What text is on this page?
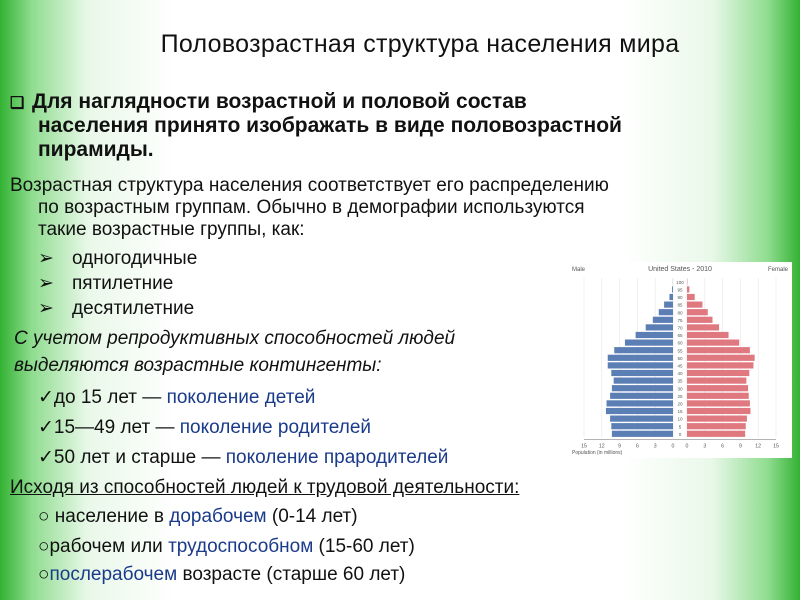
Половозрастная структура населения мира
❑ Для наглядности возрастной и половой состав
населения принято изображать в виде половозрастной
пирамиды.
Возрастная структура населения соответствует его распределению
по возрастным группам. Обычно в демографии используются
такие возрастные группы, как:
➢ одногодичные
➢ пятилетние
➢ десятилетние
С учетом репродуктивных способностей людей
выделяются возрастные контингенты:
✓до 15 лет — поколение детей
✓15—49 лет — поколение родителей
✓50 лет и старше — поколение прародителей
Исходя из способностей людей к трудовой деятельности:
○ население в дорабочем (0-14 лет)
○рабочем или трудоспособном (15-60 лет)
○послерабочем возрасте (старше 60 лет)
Male	United States - 2010	Female
Population (in millions)
0
5
10
15
20
25
30
35
40
45
50
55
60
65
70
75
80
85
90
95
100
15 12	9	6	3	0 0	3	6	9	12 15
